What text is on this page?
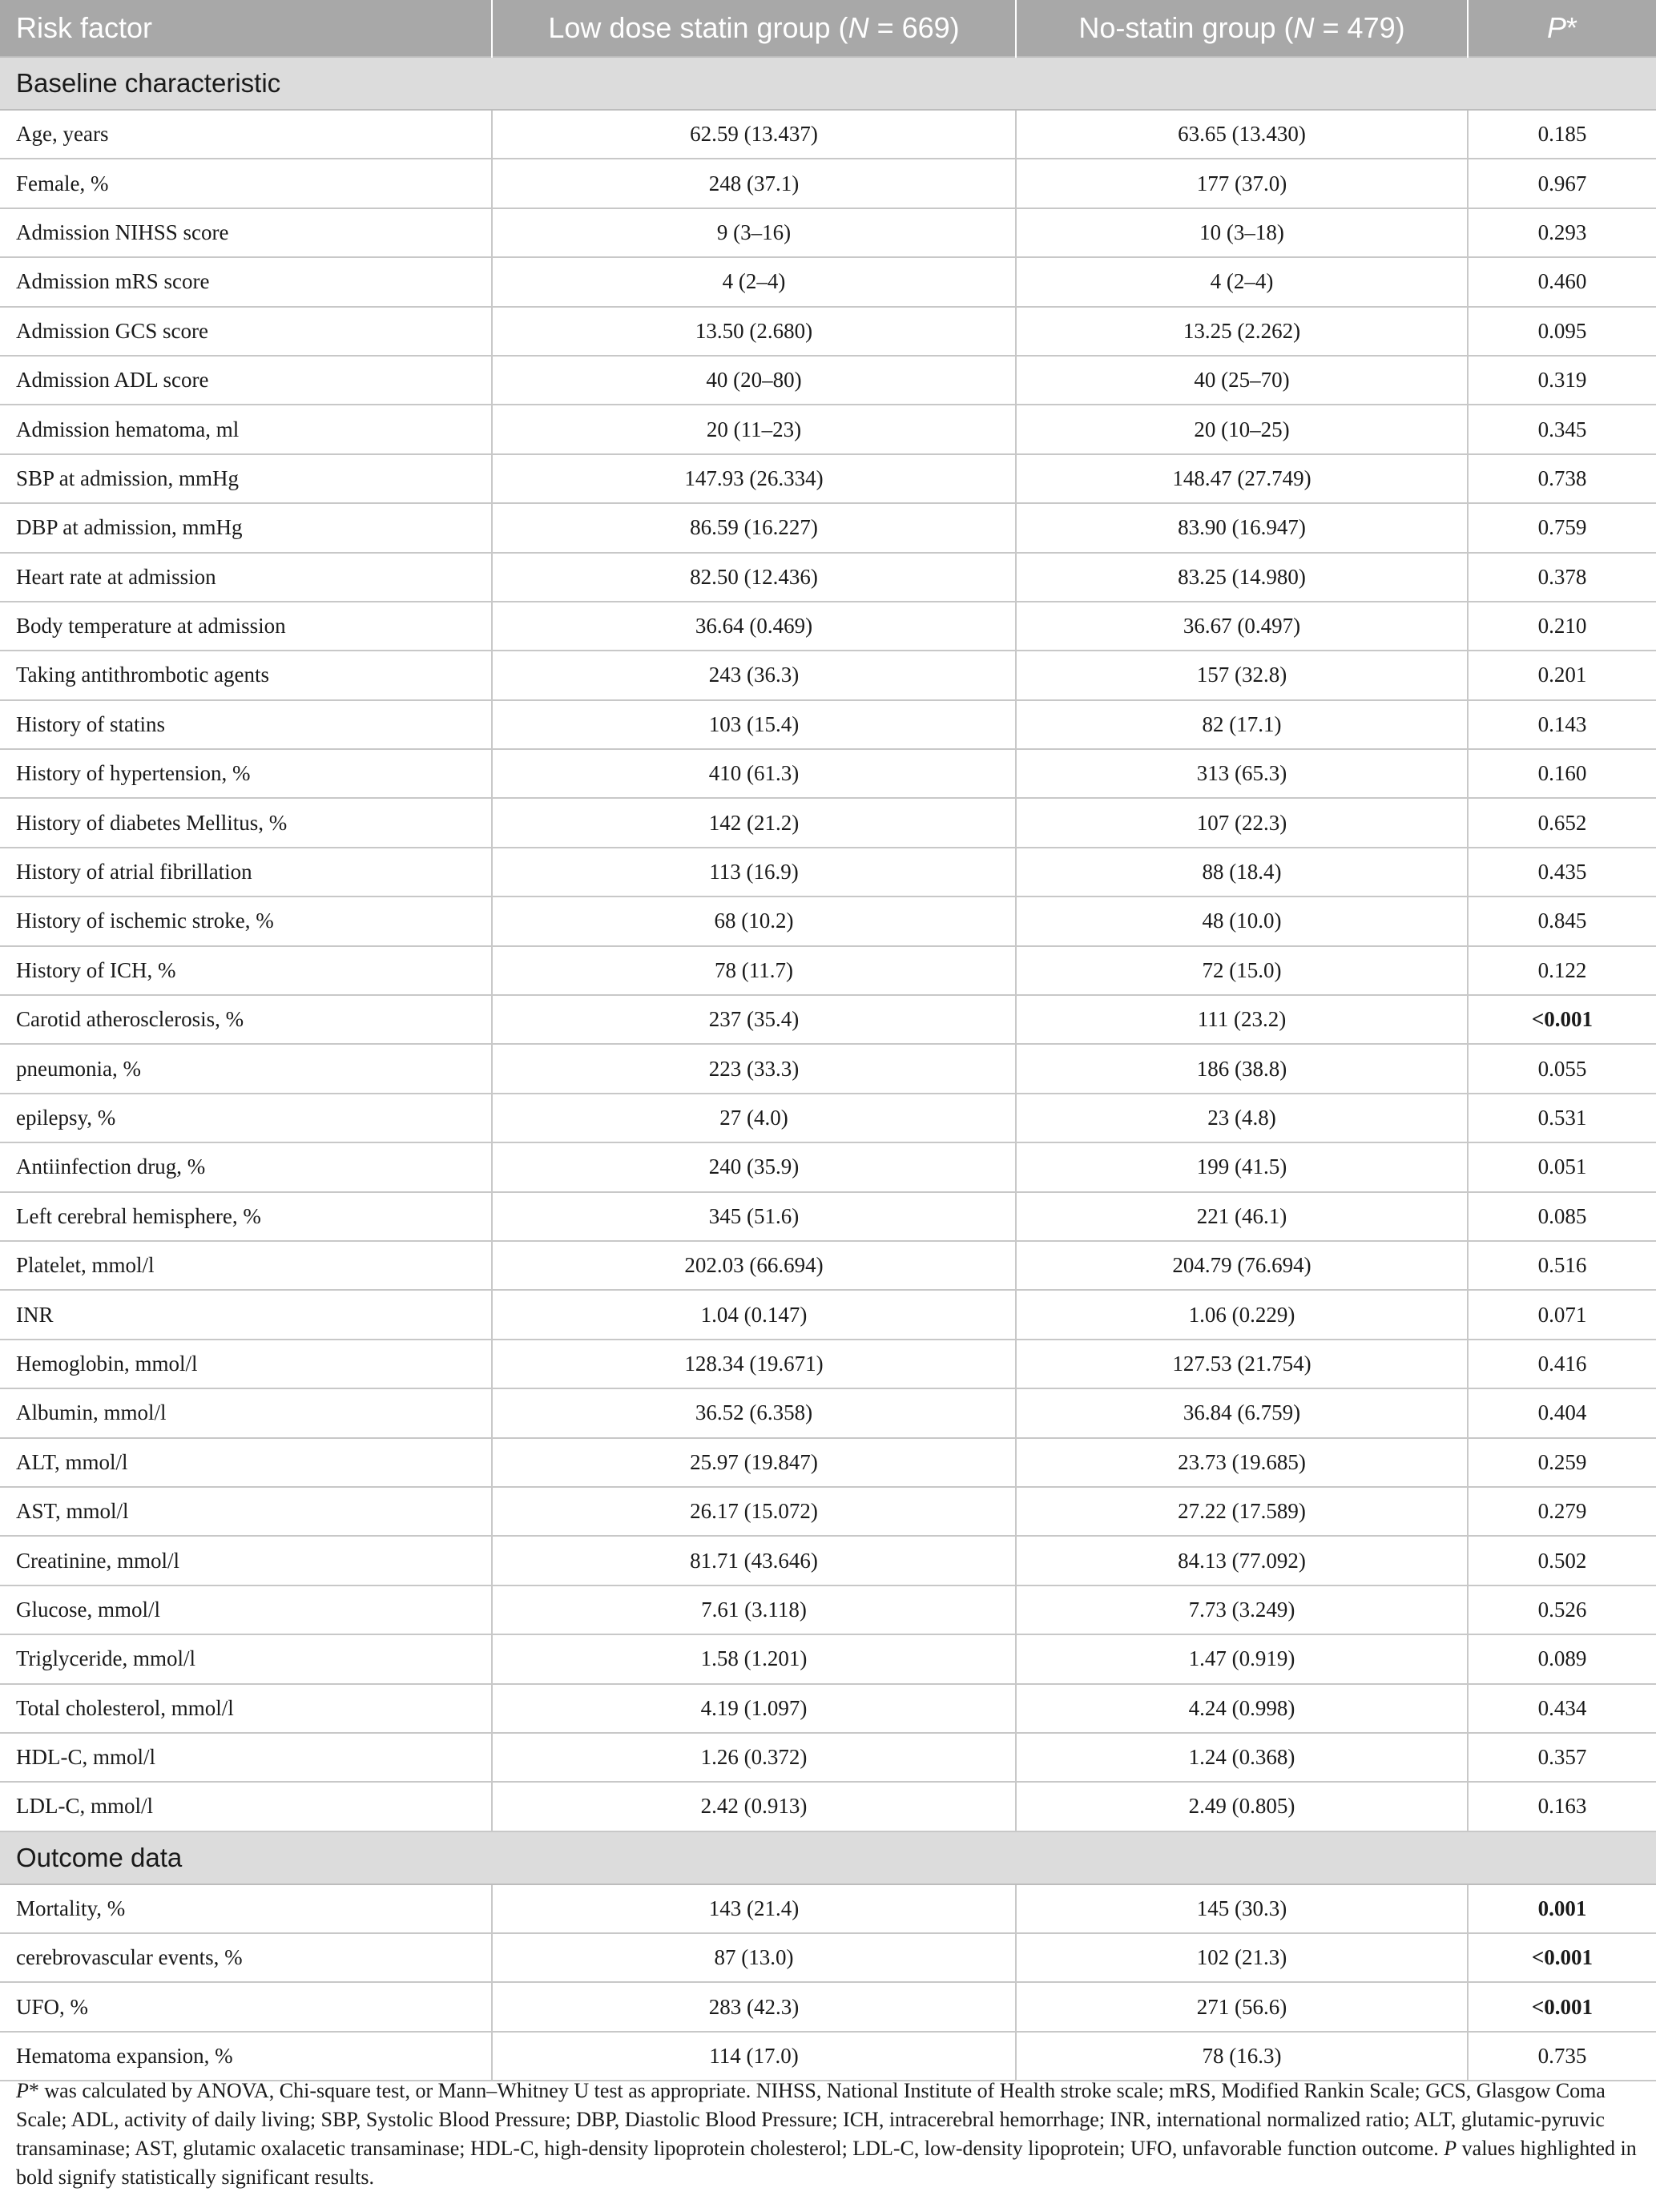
Risk factor	Low dose statin group (N = 669)	No-statin group (N = 479)	P*
Baseline characteristic			
Age, years	62.59 (13.437)	63.65 (13.430)	0.185
Female, %	248 (37.1)	177 (37.0)	0.967
Admission NIHSS score	9 (3–16)	10 (3–18)	0.293
Admission mRS score	4 (2–4)	4 (2–4)	0.460
Admission GCS score	13.50 (2.680)	13.25 (2.262)	0.095
Admission ADL score	40 (20–80)	40 (25–70)	0.319
Admission hematoma, ml	20 (11–23)	20 (10–25)	0.345
SBP at admission, mmHg	147.93 (26.334)	148.47 (27.749)	0.738
DBP at admission, mmHg	86.59 (16.227)	83.90 (16.947)	0.759
Heart rate at admission	82.50 (12.436)	83.25 (14.980)	0.378
Body temperature at admission	36.64 (0.469)	36.67 (0.497)	0.210
Taking antithrombotic agents	243 (36.3)	157 (32.8)	0.201
History of statins	103 (15.4)	82 (17.1)	0.143
History of hypertension, %	410 (61.3)	313 (65.3)	0.160
History of diabetes Mellitus, %	142 (21.2)	107 (22.3)	0.652
History of atrial fibrillation	113 (16.9)	88 (18.4)	0.435
History of ischemic stroke, %	68 (10.2)	48 (10.0)	0.845
History of ICH, %	78 (11.7)	72 (15.0)	0.122
Carotid atherosclerosis, %	237 (35.4)	111 (23.2)	<0.001
pneumonia, %	223 (33.3)	186 (38.8)	0.055
epilepsy, %	27 (4.0)	23 (4.8)	0.531
Antiinfection drug, %	240 (35.9)	199 (41.5)	0.051
Left cerebral hemisphere, %	345 (51.6)	221 (46.1)	0.085
Platelet, mmol/l	202.03 (66.694)	204.79 (76.694)	0.516
INR	1.04 (0.147)	1.06 (0.229)	0.071
Hemoglobin, mmol/l	128.34 (19.671)	127.53 (21.754)	0.416
Albumin, mmol/l	36.52 (6.358)	36.84 (6.759)	0.404
ALT, mmol/l	25.97 (19.847)	23.73 (19.685)	0.259
AST, mmol/l	26.17 (15.072)	27.22 (17.589)	0.279
Creatinine, mmol/l	81.71 (43.646)	84.13 (77.092)	0.502
Glucose, mmol/l	7.61 (3.118)	7.73 (3.249)	0.526
Triglyceride, mmol/l	1.58 (1.201)	1.47 (0.919)	0.089
Total cholesterol, mmol/l	4.19 (1.097)	4.24 (0.998)	0.434
HDL-C, mmol/l	1.26 (0.372)	1.24 (0.368)	0.357
LDL-C, mmol/l	2.42 (0.913)	2.49 (0.805)	0.163
Outcome data			
Mortality, %	143 (21.4)	145 (30.3)	0.001
cerebrovascular events, %	87 (13.0)	102 (21.3)	<0.001
UFO, %	283 (42.3)	271 (56.6)	<0.001
Hematoma expansion, %	114 (17.0)	78 (16.3)	0.735
P* was calculated by ANOVA, Chi-square test, or Mann–Whitney U test as appropriate. NIHSS, National Institute of Health stroke scale; mRS, Modified Rankin Scale; GCS, Glasgow Coma Scale; ADL, activity of daily living; SBP, Systolic Blood Pressure; DBP, Diastolic Blood Pressure; ICH, intracerebral hemorrhage; INR, international normalized ratio; ALT, glutamic-pyruvic transaminase; AST, glutamic oxalacetic transaminase; HDL-C, high-density lipoprotein cholesterol; LDL-C, low-density lipoprotein; UFO, unfavorable function outcome. P values highlighted in bold signify statistically significant results.
